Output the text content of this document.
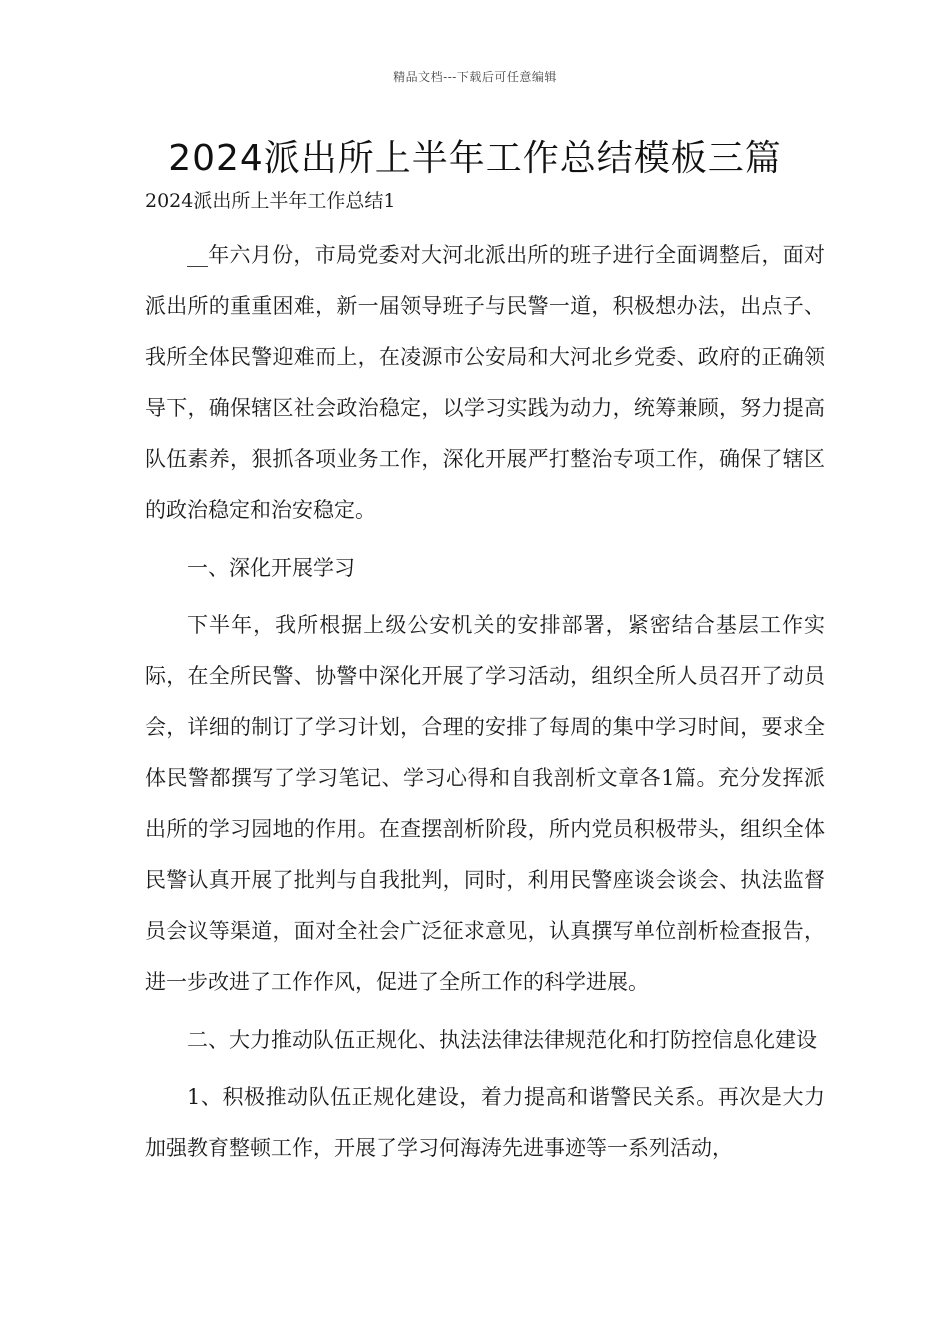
精品文档---下载后可任意编辑
2024派出所上半年工作总结模板三篇

2024派出所上半年工作总结1

__年六月份，市局党委对大河北派出所的班子进行全面调整后，面对派出所的重重困难，新一届领导班子与民警一道，积极想办法，出点子、我所全体民警迎难而上，在凌源市公安局和大河北乡党委、政府的正确领导下，确保辖区社会政治稳定，以学习实践为动力，统筹兼顾，努力提高队伍素养，狠抓各项业务工作，深化开展严打整治专项工作，确保了辖区的政治稳定和治安稳定。

一、深化开展学习

下半年，我所根据上级公安机关的安排部署，紧密结合基层工作实际，在全所民警、协警中深化开展了学习活动，组织全所人员召开了动员会，详细的制订了学习计划，合理的安排了每周的集中学习时间，要求全体民警都撰写了学习笔记、学习心得和自我剖析文章各1篇。充分发挥派出所的学习园地的作用。在查摆剖析阶段，所内党员积极带头，组织全体民警认真开展了批判与自我批判，同时，利用民警座谈会谈会、执法监督员会议等渠道，面对全社会广泛征求意见，认真撰写单位剖析检查报告，进一步改进了工作作风，促进了全所工作的科学进展。

二、大力推动队伍正规化、执法法律法律规范化和打防控信息化建设

1、积极推动队伍正规化建设，着力提高和谐警民关系。再次是大力加强教育整顿工作，开展了学习何海涛先进事迹等一系列活动，
